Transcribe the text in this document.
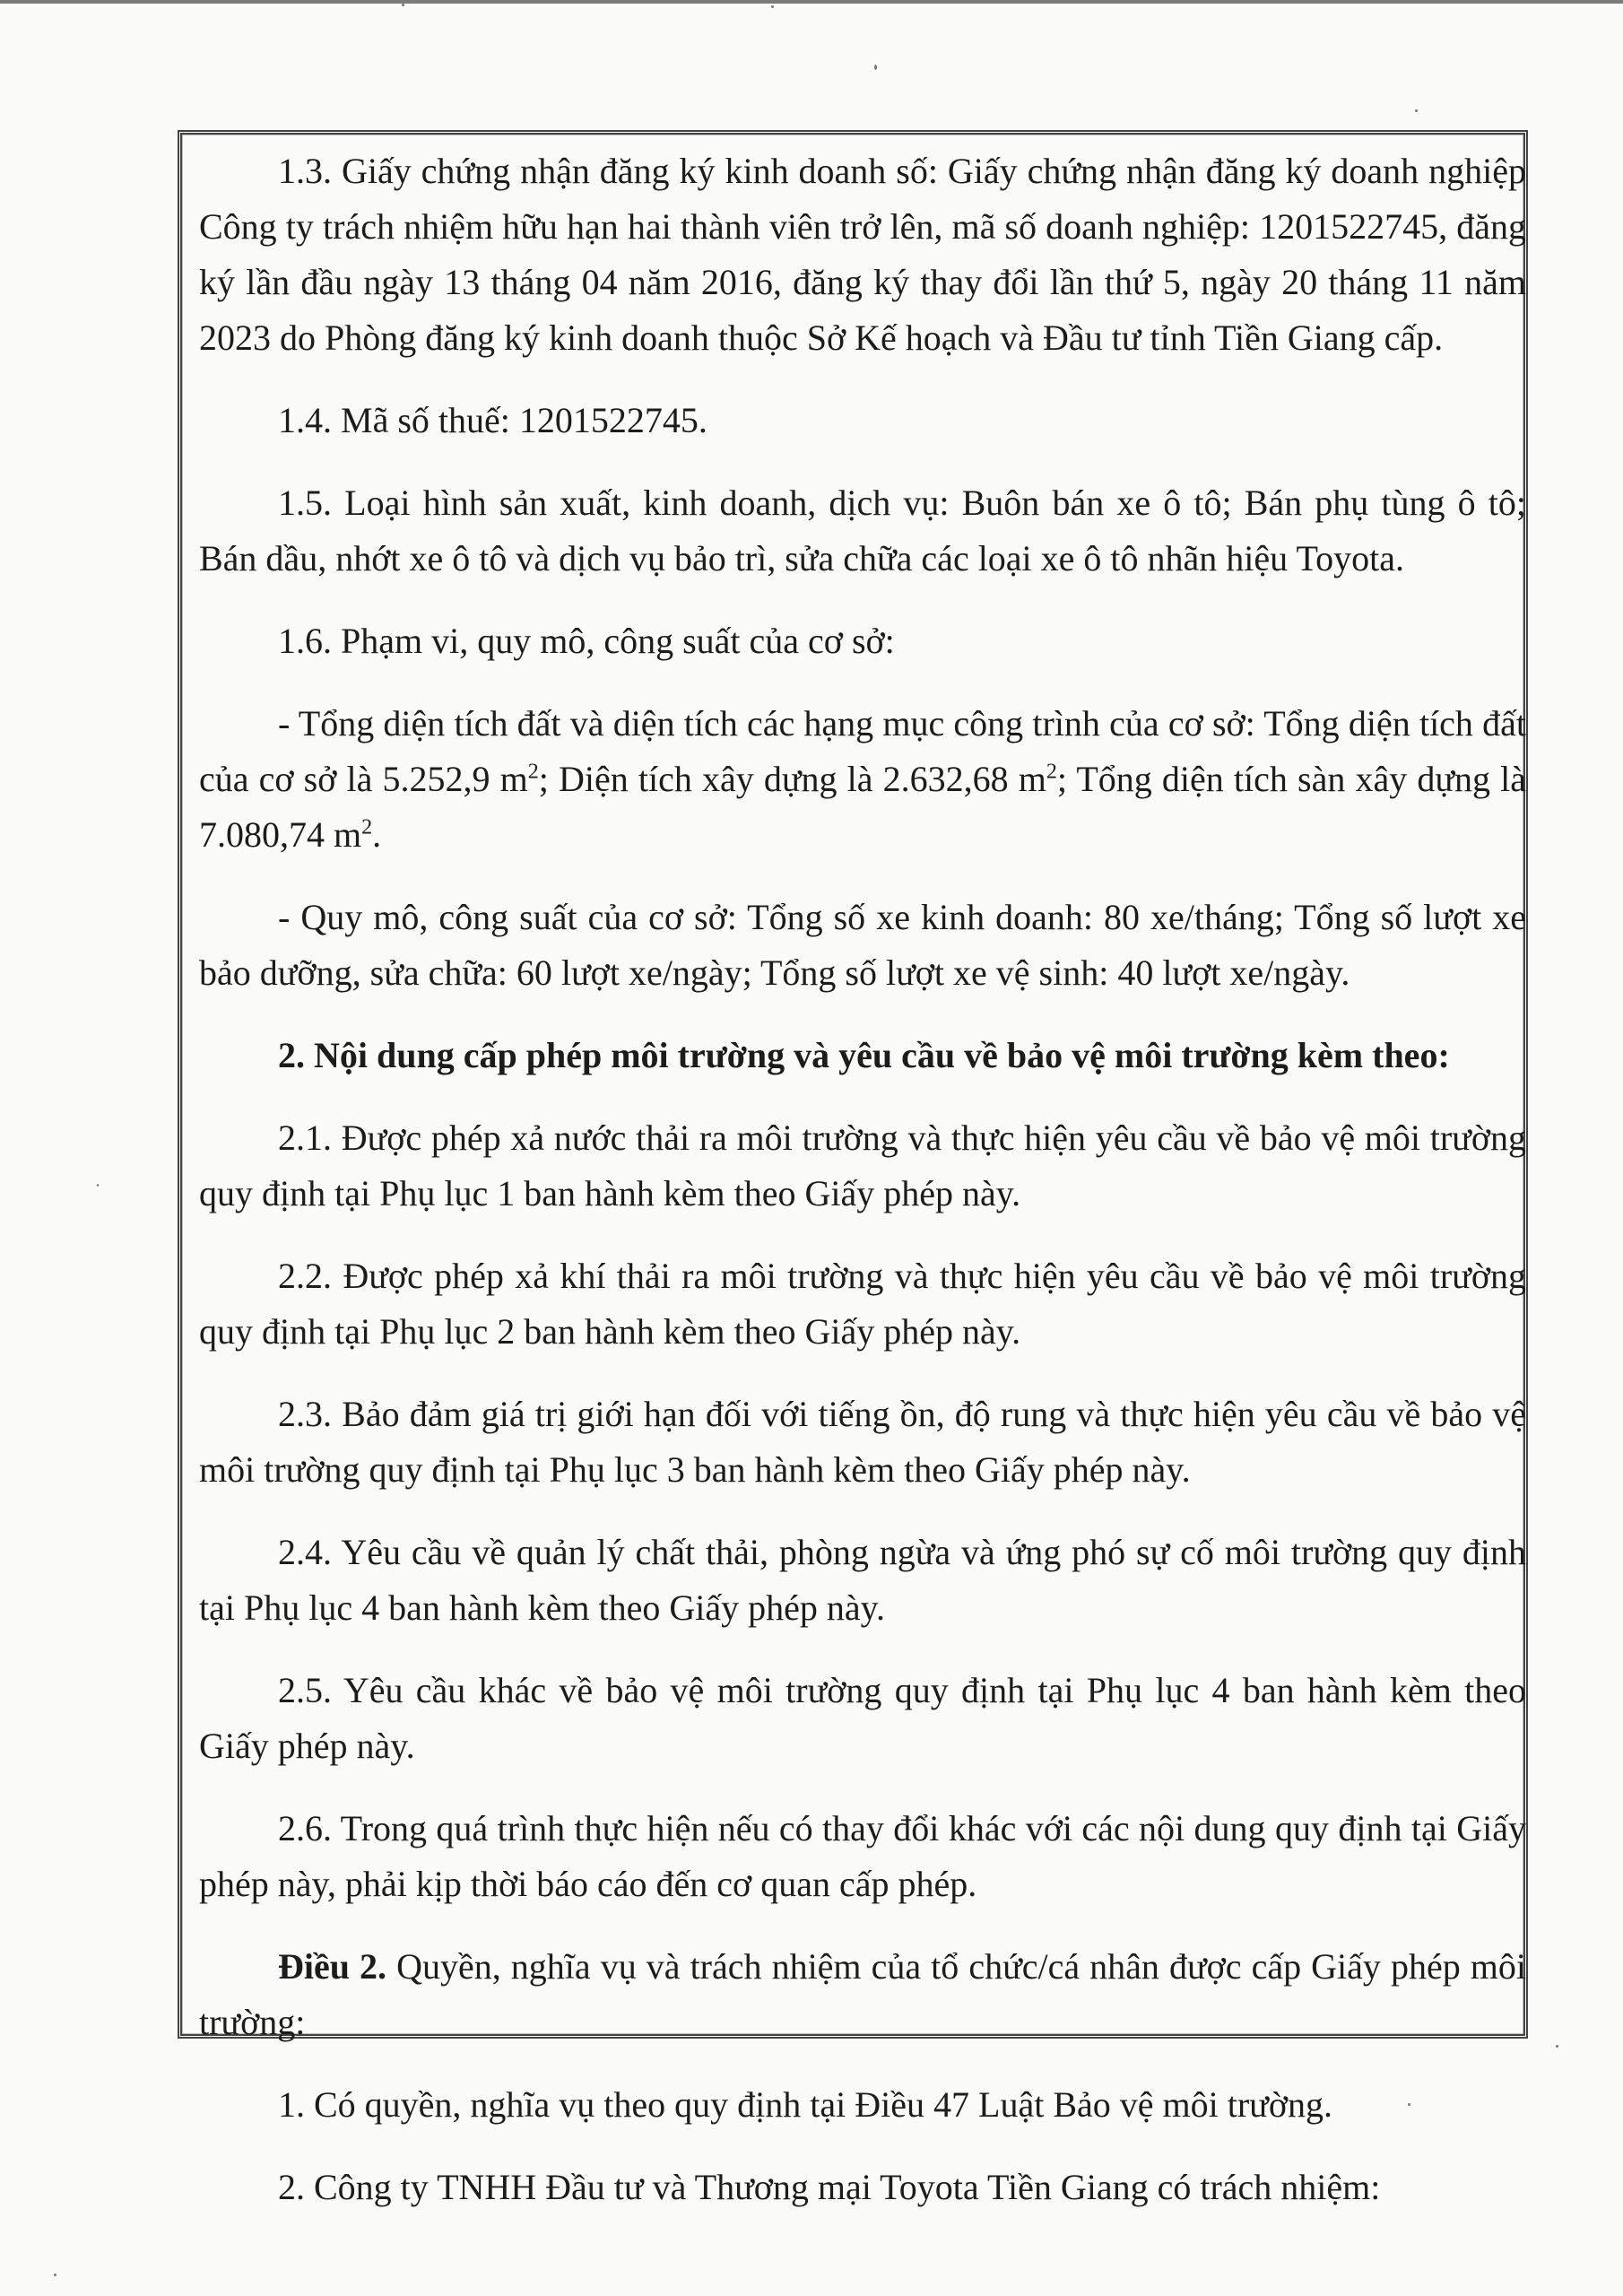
1.3. Giấy chứng nhận đăng ký kinh doanh số: Giấy chứng nhận đăng ký doanh nghiệp Công ty trách nhiệm hữu hạn hai thành viên trở lên, mã số doanh nghiệp: 1201522745, đăng ký lần đầu ngày 13 tháng 04 năm 2016, đăng ký thay đổi lần thứ 5, ngày 20 tháng 11 năm 2023 do Phòng đăng ký kinh doanh thuộc Sở Kế hoạch và Đầu tư tỉnh Tiền Giang cấp.

1.4. Mã số thuế: 1201522745.

1.5. Loại hình sản xuất, kinh doanh, dịch vụ: Buôn bán xe ô tô; Bán phụ tùng ô tô; Bán dầu, nhớt xe ô tô và dịch vụ bảo trì, sửa chữa các loại xe ô tô nhãn hiệu Toyota.

1.6. Phạm vi, quy mô, công suất của cơ sở:

- Tổng diện tích đất và diện tích các hạng mục công trình của cơ sở: Tổng diện tích đất của cơ sở là 5.252,9 $m^2$; Diện tích xây dựng là 2.632,68 $m^2$; Tổng diện tích sàn xây dựng là 7.080,74 $m^2$.

- Quy mô, công suất của cơ sở: Tổng số xe kinh doanh: 80 xe/tháng; Tổng số lượt xe bảo dưỡng, sửa chữa: 60 lượt xe/ngày; Tổng số lượt xe vệ sinh: 40 lượt xe/ngày.

2. Nội dung cấp phép môi trường và yêu cầu về bảo vệ môi trường kèm theo:

2.1. Được phép xả nước thải ra môi trường và thực hiện yêu cầu về bảo vệ môi trường quy định tại Phụ lục 1 ban hành kèm theo Giấy phép này.

2.2. Được phép xả khí thải ra môi trường và thực hiện yêu cầu về bảo vệ môi trường quy định tại Phụ lục 2 ban hành kèm theo Giấy phép này.

2.3. Bảo đảm giá trị giới hạn đối với tiếng ồn, độ rung và thực hiện yêu cầu về bảo vệ môi trường quy định tại Phụ lục 3 ban hành kèm theo Giấy phép này.

2.4. Yêu cầu về quản lý chất thải, phòng ngừa và ứng phó sự cố môi trường quy định tại Phụ lục 4 ban hành kèm theo Giấy phép này.

2.5. Yêu cầu khác về bảo vệ môi trường quy định tại Phụ lục 4 ban hành kèm theo Giấy phép này.

2.6. Trong quá trình thực hiện nếu có thay đổi khác với các nội dung quy định tại Giấy phép này, phải kịp thời báo cáo đến cơ quan cấp phép.

Điều 2. Quyền, nghĩa vụ và trách nhiệm của tổ chức/cá nhân được cấp Giấy phép môi trường:

1. Có quyền, nghĩa vụ theo quy định tại Điều 47 Luật Bảo vệ môi trường.

2. Công ty TNHH Đầu tư và Thương mại Toyota Tiền Giang có trách nhiệm:
